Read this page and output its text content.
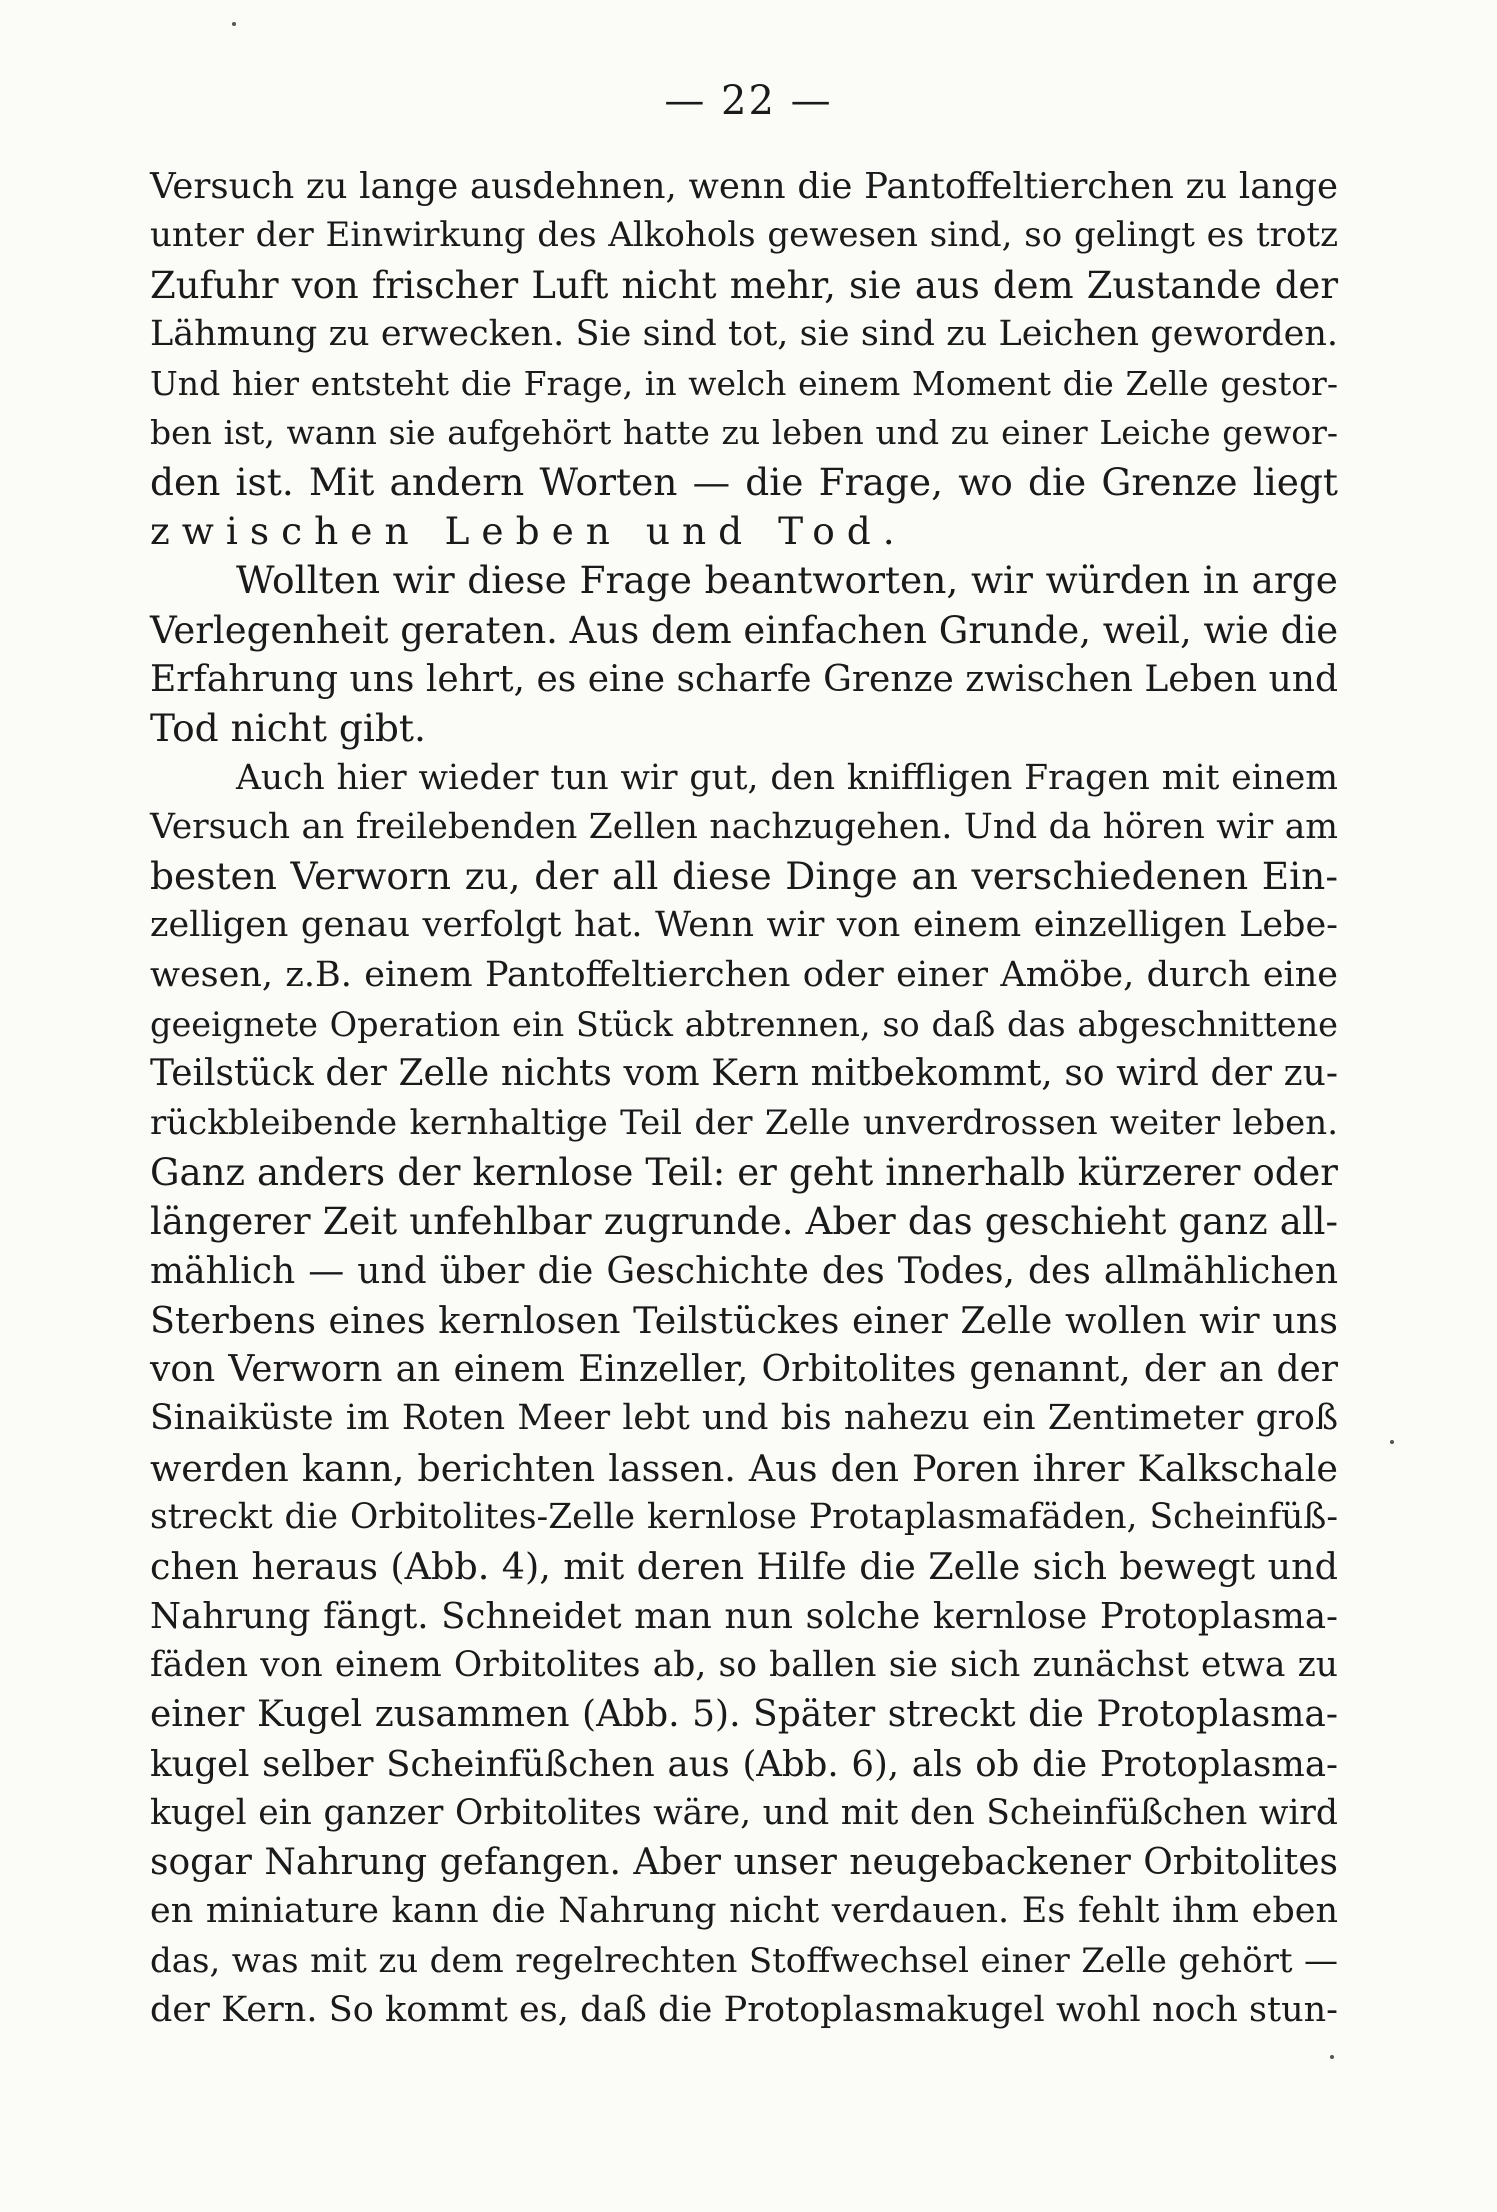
— 22 —
Versuch zu lange ausdehnen, wenn die Pantoffeltierchen zu lange
unter der Einwirkung des Alkohols gewesen sind, so gelingt es trotz
Zufuhr von frischer Luft nicht mehr, sie aus dem Zustande der
Lähmung zu erwecken. Sie sind tot, sie sind zu Leichen geworden.
Und hier entsteht die Frage, in welch einem Moment die Zelle gestor-
ben ist, wann sie aufgehört hatte zu leben und zu einer Leiche gewor-
den ist. Mit andern Worten — die Frage, wo die Grenze liegt
zwischen Leben und Tod.
Wollten wir diese Frage beantworten, wir würden in arge
Verlegenheit geraten. Aus dem einfachen Grunde, weil, wie die
Erfahrung uns lehrt, es eine scharfe Grenze zwischen Leben und
Tod nicht gibt.
Auch hier wieder tun wir gut, den kniffligen Fragen mit einem
Versuch an freilebenden Zellen nachzugehen. Und da hören wir am
besten Verworn zu, der all diese Dinge an verschiedenen Ein-
zelligen genau verfolgt hat. Wenn wir von einem einzelligen Lebe-
wesen, z.B. einem Pantoffeltierchen oder einer Amöbe, durch eine
geeignete Operation ein Stück abtrennen, so daß das abgeschnittene
Teilstück der Zelle nichts vom Kern mitbekommt, so wird der zu-
rückbleibende kernhaltige Teil der Zelle unverdrossen weiter leben.
Ganz anders der kernlose Teil: er geht innerhalb kürzerer oder
längerer Zeit unfehlbar zugrunde. Aber das geschieht ganz all-
mählich — und über die Geschichte des Todes, des allmählichen
Sterbens eines kernlosen Teilstückes einer Zelle wollen wir uns
von Verworn an einem Einzeller, Orbitolites genannt, der an der
Sinaiküste im Roten Meer lebt und bis nahezu ein Zentimeter groß
werden kann, berichten lassen. Aus den Poren ihrer Kalkschale
streckt die Orbitolites-Zelle kernlose Protaplasmafäden, Scheinfüß-
chen heraus (Abb. 4), mit deren Hilfe die Zelle sich bewegt und
Nahrung fängt. Schneidet man nun solche kernlose Protoplasma-
fäden von einem Orbitolites ab, so ballen sie sich zunächst etwa zu
einer Kugel zusammen (Abb. 5). Später streckt die Protoplasma-
kugel selber Scheinfüßchen aus (Abb. 6), als ob die Protoplasma-
kugel ein ganzer Orbitolites wäre, und mit den Scheinfüßchen wird
sogar Nahrung gefangen. Aber unser neugebackener Orbitolites
en miniature kann die Nahrung nicht verdauen. Es fehlt ihm eben
das, was mit zu dem regelrechten Stoffwechsel einer Zelle gehört —
der Kern. So kommt es, daß die Protoplasmakugel wohl noch stun-
